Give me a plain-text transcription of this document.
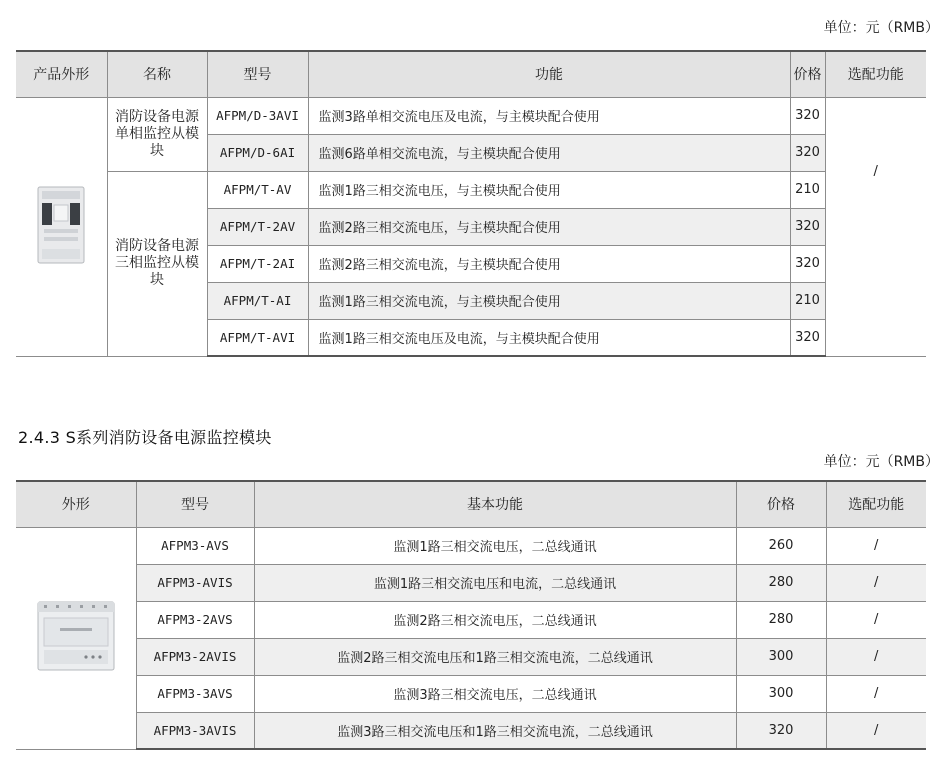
单位：元（RMB）
产品外形	名称	型号	功能	价格	选配功能
	消防设备电源单相监控从模块	AFPM/D-3AVI	监测3路单相交流电压及电流，与主模块配合使用	320	/
		AFPM/D-6AI	监测6路单相交流电流，与主模块配合使用	320	
	消防设备电源三相监控从模块	AFPM/T-AV	监测1路三相交流电压，与主模块配合使用	210	
		AFPM/T-2AV	监测2路三相交流电压，与主模块配合使用	320	
		AFPM/T-2AI	监测2路三相交流电流，与主模块配合使用	320	
		AFPM/T-AI	监测1路三相交流电流，与主模块配合使用	210	
		AFPM/T-AVI	监测1路三相交流电压及电流，与主模块配合使用	320	
2.4.3 S系列消防设备电源监控模块
单位：元（RMB）
外形	型号	基本功能	价格	选配功能
	AFPM3-AVS	监测1路三相交流电压，二总线通讯	260	/
	AFPM3-AVIS	监测1路三相交流电压和电流，二总线通讯	280	/
	AFPM3-2AVS	监测2路三相交流电压，二总线通讯	280	/
	AFPM3-2AVIS	监测2路三相交流电压和1路三相交流电流，二总线通讯	300	/
	AFPM3-3AVS	监测3路三相交流电压，二总线通讯	300	/
	AFPM3-3AVIS	监测3路三相交流电压和1路三相交流电流，二总线通讯	320	/
